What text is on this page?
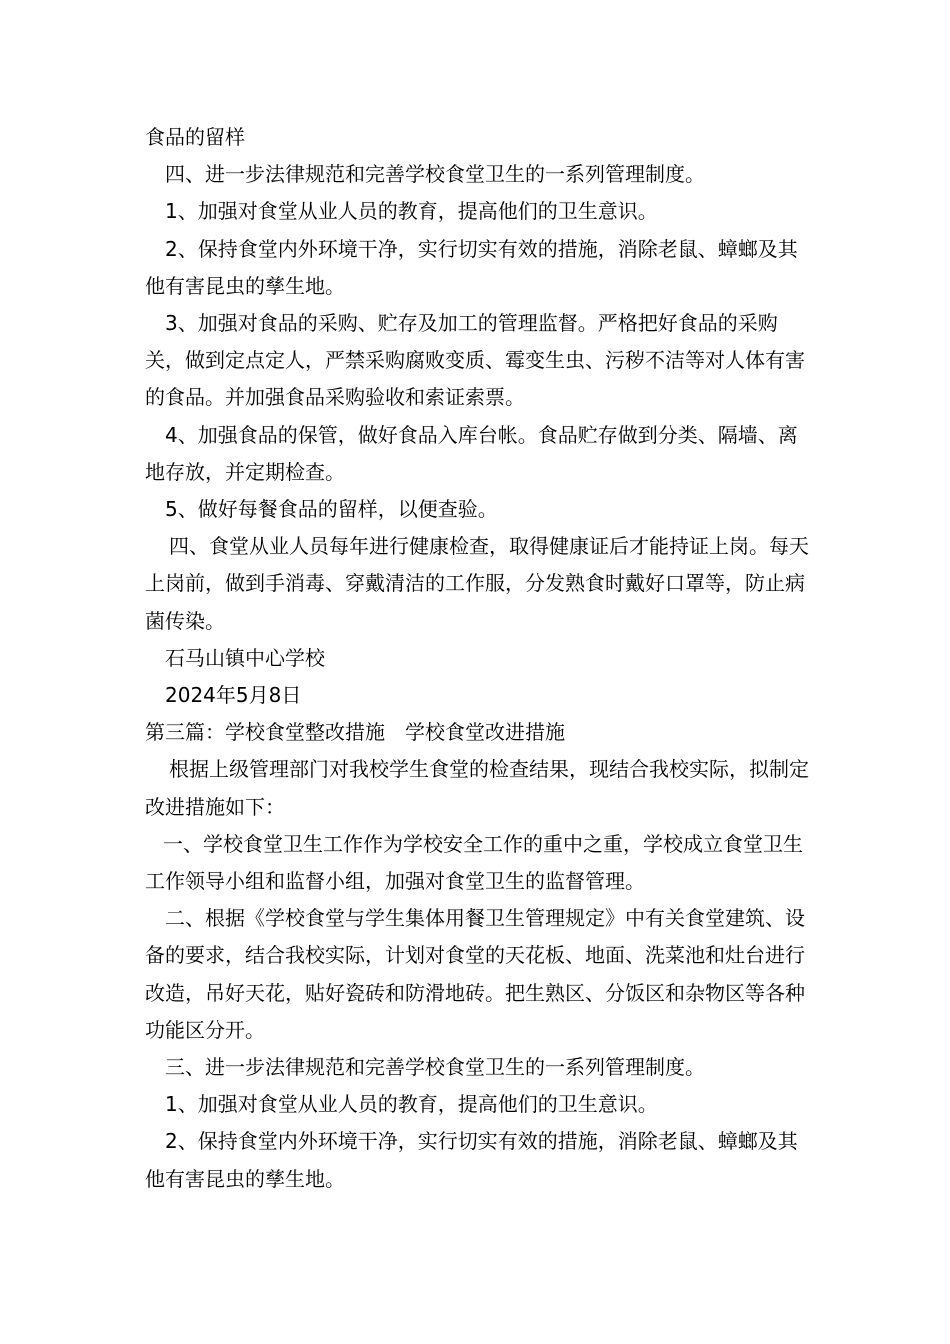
食品的留样

四、进一步法律规范和完善学校食堂卫生的一系列管理制度。

1、加强对食堂从业人员的教育，提高他们的卫生意识。

2、保持食堂内外环境干净，实行切实有效的措施，消除老鼠、蟑螂及其他有害昆虫的孳生地。

3、加强对食品的采购、贮存及加工的管理监督。严格把好食品的采购关，做到定点定人，严禁采购腐败变质、霉变生虫、污秽不洁等对人体有害的食品。并加强食品采购验收和索证索票。

4、加强食品的保管，做好食品入库台帐。食品贮存做到分类、隔墙、离地存放，并定期检查。

5、做好每餐食品的留样，以便查验。

四、食堂从业人员每年进行健康检查，取得健康证后才能持证上岗。每天上岗前，做到手消毒、穿戴清洁的工作服，分发熟食时戴好口罩等，防止病菌传染。

石马山镇中心学校

2024年5月8日

第三篇：学校食堂整改措施　学校食堂改进措施

根据上级管理部门对我校学生食堂的检查结果，现结合我校实际，拟制定改进措施如下：

一、学校食堂卫生工作作为学校安全工作的重中之重，学校成立食堂卫生工作领导小组和监督小组，加强对食堂卫生的监督管理。

二、根据《学校食堂与学生集体用餐卫生管理规定》中有关食堂建筑、设备的要求，结合我校实际，计划对食堂的天花板、地面、洗菜池和灶台进行改造，吊好天花，贴好瓷砖和防滑地砖。把生熟区、分饭区和杂物区等各种功能区分开。

三、进一步法律规范和完善学校食堂卫生的一系列管理制度。

1、加强对食堂从业人员的教育，提高他们的卫生意识。

2、保持食堂内外环境干净，实行切实有效的措施，消除老鼠、蟑螂及其他有害昆虫的孳生地。
